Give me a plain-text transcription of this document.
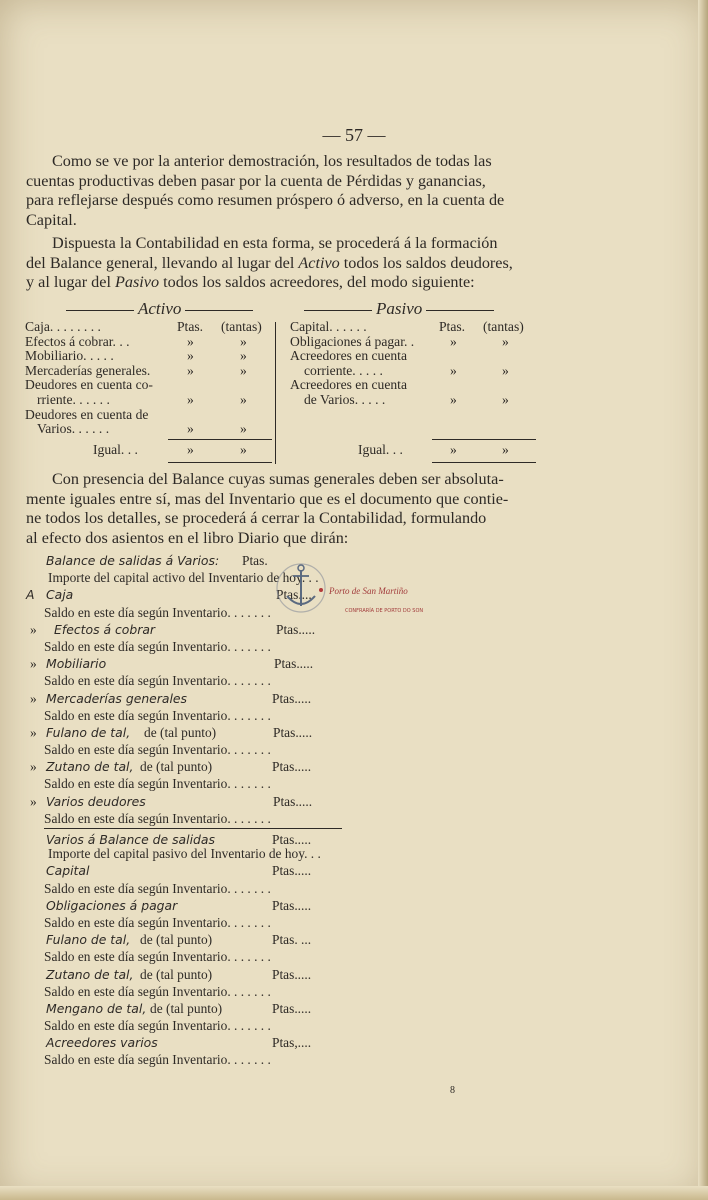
— 57 —
Como se ve por la anterior demostración, los resultados de todas las
cuentas productivas deben pasar por la cuenta de Pérdidas y ganancias,
para reflejarse después como resumen próspero ó adverso, en la cuenta de
Capital.
Dispuesta la Contabilidad en esta forma, se procederá á la formación
del Balance general, llevando al lugar del Activo todos los saldos deudores,
y al lugar del Pasivo todos los saldos acreedores, del modo siguiente:
Activo	Pasivo
Caja. . . . . . . .	Ptas. (tantas)
Efectos á cobrar. . .	»	»
Mobiliario. . . . .	»	»
Mercaderías generales.	»	»
Deudores en cuenta co-
rriente. . . . . .	»	»
Deudores en cuenta de
Varios. . . . . .	»	»
Igual. . .	»	»
Capital. . . . . .	Ptas. (tantas)
Obligaciones á pagar. .	»	»
Acreedores en cuenta
corriente. . . . .	»	»
Acreedores en cuenta
de Varios. . . . .	»	»
Igual. . .	»	»
Con presencia del Balance cuyas sumas generales deben ser absoluta-
mente iguales entre sí, mas del Inventario que es el documento que contie-
ne todos los detalles, se procederá á cerrar la Contabilidad, formulando
al efecto dos asientos en el libro Diario que dirán:
Balance de salidas á Varios: Ptas.
Importe del capital activo del Inventario de hoy. . .
A Caja	Ptas....
Saldo en este día según Inventario. . . . . . .
» Efectos á cobrar	Ptas.....
Saldo en este día según Inventario. . . . . . .
» Mobiliario	Ptas.....
Saldo en este día según Inventario. . . . . . .
» Mercaderías generales	Ptas.....
Saldo en este día según Inventario. . . . . . .
» Fulano de tal, de (tal punto)	Ptas.....
Saldo en este día según Inventario. . . . . . .
» Zutano de tal, de (tal punto)	Ptas.....
Saldo en este día según Inventario. . . . . . .
» Varios deudores	Ptas.....
Saldo en este día según Inventario. . . . . . .
Varios á Balance de salidas	Ptas.....
Importe del capital pasivo del Inventario de hoy. . .
Capital	Ptas.....
Saldo en este día según Inventario. . . . . . .
Obligaciones á pagar	Ptas.....
Saldo en este día según Inventario. . . . . . .
Fulano de tal, de (tal punto)	Ptas. ...
Saldo en este día según Inventario. . . . . . .
Zutano de tal, de (tal punto)	Ptas.....
Saldo en este día según Inventario. . . . . . .
Mengano de tal, de (tal punto)	Ptas.....
Saldo en este día según Inventario. . . . . . .
Acreedores varios	Ptas,....
Saldo en este día según Inventario. . . . . . .
Porto de San Martiño
CONFRARÍA DE PORTO DO SON
8
